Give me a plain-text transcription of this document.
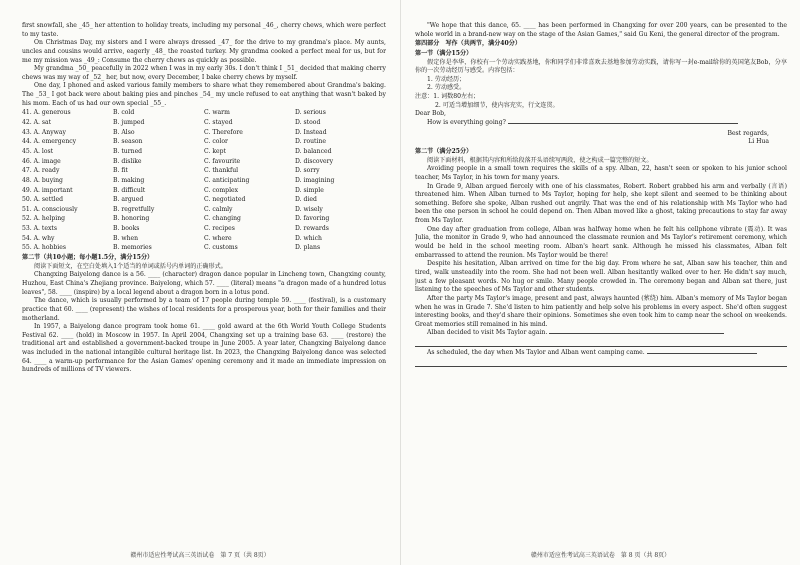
first snowfall, she _45_ her attention to holiday treats, including my personal _46_, cherry chews, which were perfect to my taste.

On Christmas Day, my sisters and I were always dressed _47_ for the drive to my grandma's place. My aunts, uncles and cousins would arrive, eagerly _48_ the roasted turkey. My grandma cooked a perfect meal for us, but for me my mission was _49_: Consume the cherry chews as quickly as possible.

My grandma _50_ peacefully in 2022 when I was in my early 30s. I don't think I _51_ decided that making cherry chews was my way of _52_ her, but now, every December, I bake cherry chews by myself.

One day, I phoned and asked various family members to share what they remembered about Grandma's baking. The _53_ I got back were about baking pies and pinches _54_ my uncle refused to eat anything that wasn't baked by his mom. Each of us had our own special _55_.

41. A. generous	B. cold	C. warm	D. serious
42. A. sat	B. jumped	C. stayed	D. stood
43. A. Anyway	B. Also	C. Therefore	D. Instead
44. A. emergency	B. season	C. color	D. routine
45. A. lost	B. turned	C. kept	D. balanced
46. A. image	B. dislike	C. favourite	D. discovery
47. A. ready	B. fit	C. thankful	D. sorry
48. A. buying	B. making	C. anticipating	D. imagining
49. A. important	B. difficult	C. complex	D. simple
50. A. settled	B. argued	C. negotiated	D. died
51. A. consciously	B. regretfully	C. calmly	D. wisely
52. A. helping	B. honoring	C. changing	D. favoring
53. A. texts	B. books	C. recipes	D. rewards
54. A. why	B. when	C. where	D. which
55. A. hobbies	B. memories	C. customs	D. plans

第二节（共10小题；每小题1.5分，满分15分）

阅读下面短文，在空白处填入1个适当的单词或括号内单词的正确形式。

Changxing Baiyelong dance is a 56. ____ (character) dragon dance popular in Lincheng town, Changxing county, Huzhou, East China's Zhejiang province. Baiyelong, which 57. ____ (literal) means "a dragon made of a hundred lotus leaves", 58. ____ (inspire) by a local legend about a dragon born in a lotus pond.

The dance, which is usually performed by a team of 17 people during temple 59. ____ (festival), is a customary practice that 60. ____ (represent) the wishes of local residents for a prosperous year, both for their families and their motherland.

In 1957, a Baiyelong dance program took home 61. ____ gold award at the 6th World Youth College Students Festival 62. ____ (hold) in Moscow in 1957. In April 2004, Changxing set up a training base 63. ____ (restore) the traditional art and established a government-backed troupe in June 2005. A year later, Changxing Baiyelong dance was included in the national intangible cultural heritage list. In 2023, the Changxing Baiyelong dance was selected 64. ____ a warm-up performance for the Asian Games' opening ceremony and it made an immediate impression on hundreds of millions of TV viewers.

赣州市适应性考试高三英语试卷　第 7 页（共 8页）

"We hope that this dance, 65. ____ has been performed in Changxing for over 200 years, can be presented to the whole world in a brand-new way on the stage of the Asian Games," said Gu Keni, the general director of the program.

第四部分　写作（共两节，满分40分）

第一节（满分15分）

假定你是李华，你校有一个劳动实践基地，你和同学们非常喜欢去基地参加劳动实践，请你写一封e-mail给你的英国笔友Bob，分享你的一次劳动经历与感受。内容包括：

1. 劳动经历；

2. 劳动感受。

注意：1. 词数80左右；

2. 可适当增加细节，使内容充实，行文连贯。

Dear Bob,

How is everything going?

Best regards,

Li Hua

第二节（满分25分）

阅读下面材料，根据其内容和所给段落开头语续写两段，使之构成一篇完整的短文。

Avoiding people in a small town requires the skills of a spy. Alban, 22, hasn't seen or spoken to his junior school teacher, Ms Taylor, in his town for many years.

In Grade 9, Alban argued fiercely with one of his classmates, Robert. Robert grabbed his arm and verbally (言语) threatened him. When Alban turned to Ms Taylor, hoping for help, she kept silent and seemed to be thinking about something. Before she spoke, Alban rushed out angrily. That was the end of his relationship with Ms Taylor who had been the one person in school he could depend on. Then Alban moved like a ghost, taking precautions to stay far away from Ms Taylor.

One day after graduation from college, Alban was halfway home when he felt his cellphone vibrate (震动). It was Julia, the monitor in Grade 9, who had announced the classmate reunion and Ms Taylor's retirement ceremony, which would be held in the school meeting room. Alban's heart sank. Although he missed his classmates, Alban felt embarrassed to attend the reunion. Ms Taylor would be there!

Despite his hesitation, Alban arrived on time for the big day. From where he sat, Alban saw his teacher, thin and tired, walk unsteadily into the room. She had not been well. Alban hesitantly walked over to her. He didn't say much, just a few pleasant words. No hug or smile. Many people crowded in. The ceremony began and Alban sat there, just listening to the speeches of Ms Taylor and other students.

After the party Ms Taylor's image, present and past, always haunted (萦绕) him. Alban's memory of Ms Taylor began when he was in Grade 7. She'd listen to him patiently and help solve his problems in every aspect. She'd often suggest interesting books, and they'd share their opinions. Sometimes she even took him to camp near the school on weekends. Great memories still remained in his mind.

Alban decided to visit Ms Taylor again.

As scheduled, the day when Ms Taylor and Alban went camping came.

赣州市适应性考试高三英语试卷　第 8 页（共 8页）
